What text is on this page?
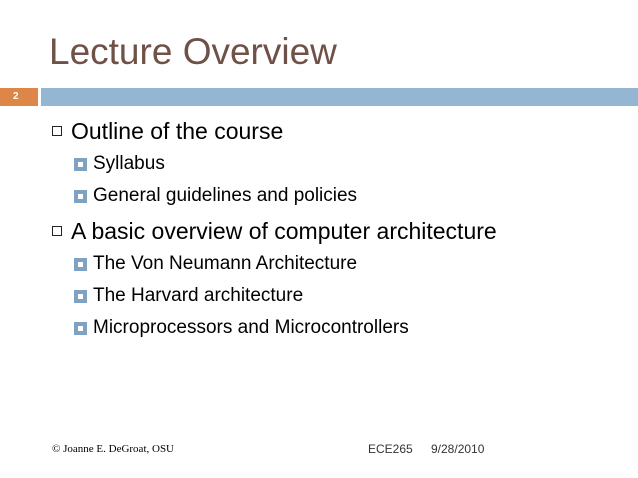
Lecture Overview
2
Outline of the course
Syllabus
General guidelines and policies
A basic overview of computer architecture
The Von Neumann Architecture
The Harvard architecture
Microprocessors and Microcontrollers
© Joanne E. DeGroat, OSU	ECE265 9/28/2010
